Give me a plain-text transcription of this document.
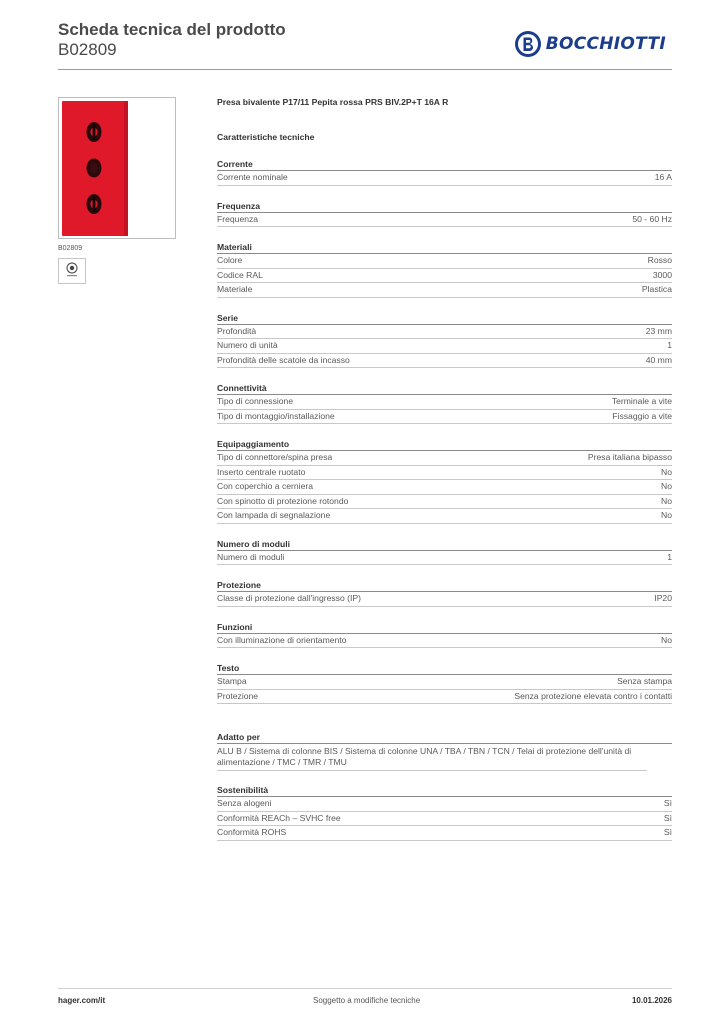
Scheda tecnica del prodotto
B02809	BOCCHIOTTI
B02809
Presa bivalente P17/11 Pepita rossa PRS BIV.2P+T 16A R
Caratteristiche tecniche
Corrente
Corrente nominale	16 A
Frequenza
Frequenza	50 - 60 Hz
Materiali
Colore	Rosso
Codice RAL	3000
Materiale	Plastica
Serie
Profondità	23 mm
Numero di unità	1
Profondità delle scatole da incasso	40 mm
Connettività
Tipo di connessione	Terminale a vite
Tipo di montaggio/installazione	Fissaggio a vite
Equipaggiamento
Tipo di connettore/spina presa	Presa italiana bipasso
Inserto centrale ruotato	No
Con coperchio a cerniera	No
Con spinotto di protezione rotondo	No
Con lampada di segnalazione	No
Numero di moduli
Numero di moduli	1
Protezione
Classe di protezione dall'ingresso (IP)	IP20
Funzioni
Con illuminazione di orientamento	No
Testo
Stampa	Senza stampa
Protezione	Senza protezione elevata contro i contatti
Adatto per
ALU B / Sistema di colonne BIS / Sistema di colonne UNA / TBA / TBN / TCN / Telai di protezione dell'unità di alimentazione / TMC / TMR / TMU
Sostenibilità
Senza alogeni	Sì
Conformità REACh – SVHC free	Sì
Conformità ROHS	Sì
hager.com/it	Soggetto a modifiche tecniche	10.01.2026
